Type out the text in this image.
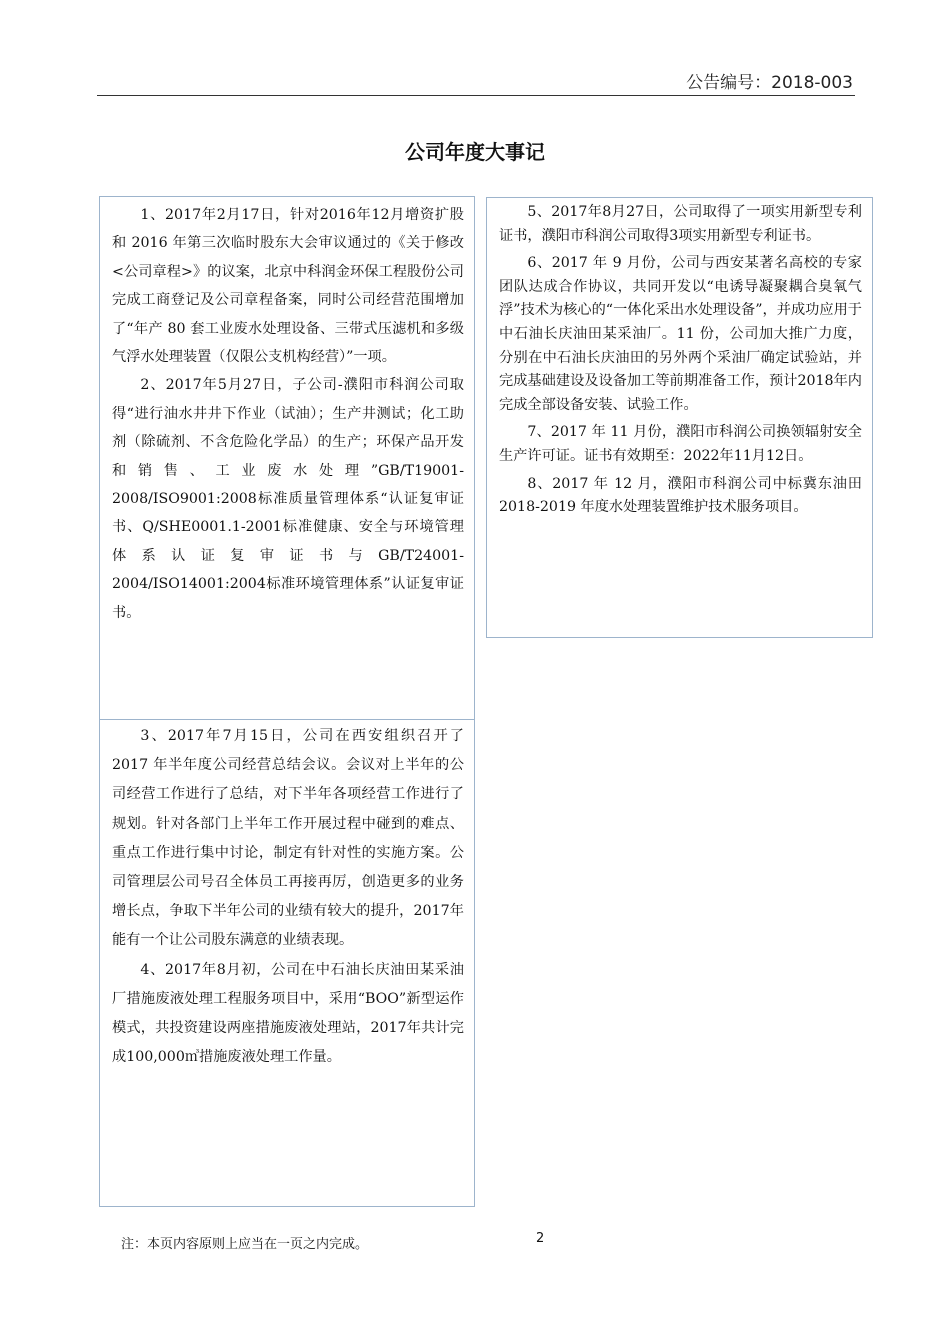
公告编号：2018-003
公司年度大事记

1、2017年2月17日，针对2016年12月增资扩股和 2016 年第三次临时股东大会审议通过的《关于修改<公司章程>》的议案，北京中科润金环保工程股份公司完成工商登记及公司章程备案，同时公司经营范围增加了“年产 80 套工业废水处理设备、三带式压滤机和多级气浮水处理装置（仅限公支机构经营）”一项。

2、2017年5月27日，子公司-濮阳市科润公司取得“进行油水井井下作业（试油）；生产井测试；化工助剂（除硫剂、不含危险化学品）的生产；环保产品开发和销售、工业废水处理”GB/T19001-2008/ISO9001:2008标准质量管理体系“认证复审证书、Q/SHE0001.1-2001标准健康、安全与环境管理体系认证复审证书与GB/T24001-2004/ISO14001:2004标准环境管理体系”认证复审证书。

3、2017年7月15日，公司在西安组织召开了 2017 年半年度公司经营总结会议。会议对上半年的公司经营工作进行了总结，对下半年各项经营工作进行了规划。针对各部门上半年工作开展过程中碰到的难点、重点工作进行集中讨论，制定有针对性的实施方案。公司管理层公司号召全体员工再接再厉，创造更多的业务增长点，争取下半年公司的业绩有较大的提升，2017年能有一个让公司股东满意的业绩表现。

4、2017年8月初，公司在中石油长庆油田某采油厂措施废液处理工程服务项目中，采用“BOO”新型运作模式，共投资建设两座措施废液处理站，2017年共计完成100,000㎥措施废液处理工作量。

5、2017年8月27日，公司取得了一项实用新型专利证书，濮阳市科润公司取得3项实用新型专利证书。

6、2017 年 9 月份，公司与西安某著名高校的专家团队达成合作协议，共同开发以“电诱导凝聚耦合臭氧气浮”技术为核心的“一体化采出水处理设备”，并成功应用于中石油长庆油田某采油厂。11 份，公司加大推广力度，分别在中石油长庆油田的另外两个采油厂确定试验站，并完成基础建设及设备加工等前期准备工作，预计2018年内完成全部设备安装、试验工作。

7、2017 年 11 月份，濮阳市科润公司换领辐射安全生产许可证。证书有效期至：2022年11月12日。

8、2017 年 12 月，濮阳市科润公司中标冀东油田 2018-2019 年度水处理装置维护技术服务项目。

注：本页内容原则上应当在一页之内完成。	2
